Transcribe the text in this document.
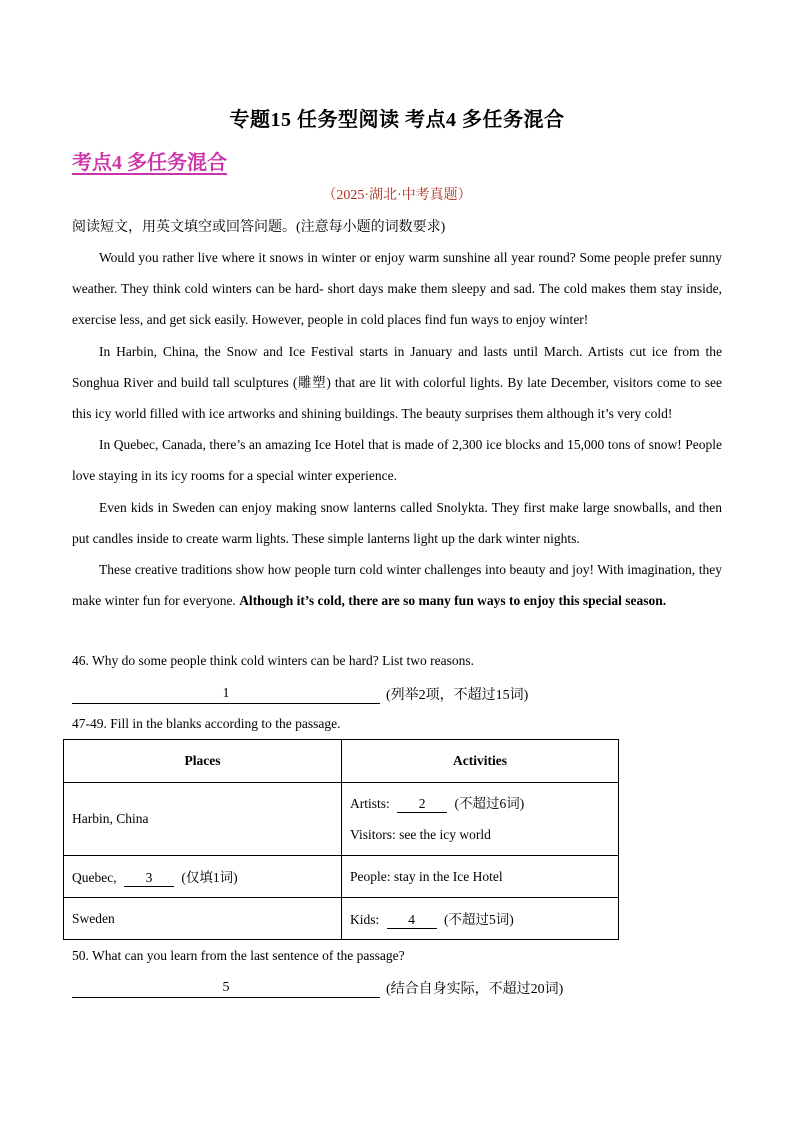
专题15 任务型阅读 考点4 多任务混合
考点4 多任务混合
（2025·湖北·中考真题）
阅读短文，用英文填空或回答问题。(注意每小题的词数要求)

Would you rather live where it snows in winter or enjoy warm sunshine all year round? Some people prefer sunny weather. They think cold winters can be hard- short days make them sleepy and sad. The cold makes them stay inside, exercise less, and get sick easily. However, people in cold places find fun ways to enjoy winter!

In Harbin, China, the Snow and Ice Festival starts in January and lasts until March. Artists cut ice from the Songhua River and build tall sculptures (雕塑) that are lit with colorful lights. By late December, visitors come to see this icy world filled with ice artworks and shining buildings. The beauty surprises them although it’s very cold!

In Quebec, Canada, there’s an amazing Ice Hotel that is made of 2,300 ice blocks and 15,000 tons of snow! People love staying in its icy rooms for a special winter experience.

Even kids in Sweden can enjoy making snow lanterns called Snolykta. They first make large snowballs, and then put candles inside to create warm lights. These simple lanterns light up the dark winter nights.

These creative traditions show how people turn cold winter challenges into beauty and joy! With imagination, they make winter fun for everyone. Although it’s cold, there are so many fun ways to enjoy this special season.

46. Why do some people think cold winters can be hard? List two reasons.
1	(列举2项，不超过15词)
47-49. Fill in the blanks according to the passage.
Places	Activities
Harbin, China	Artists: 2 (不超过6词)
Visitors: see the icy world

Quebec, 3 (仅填1词)	People: stay in the Ice Hotel
Sweden	Kids: 4 (不超过5词)
50. What can you learn from the last sentence of the passage?
5	(结合自身实际，不超过20词)
